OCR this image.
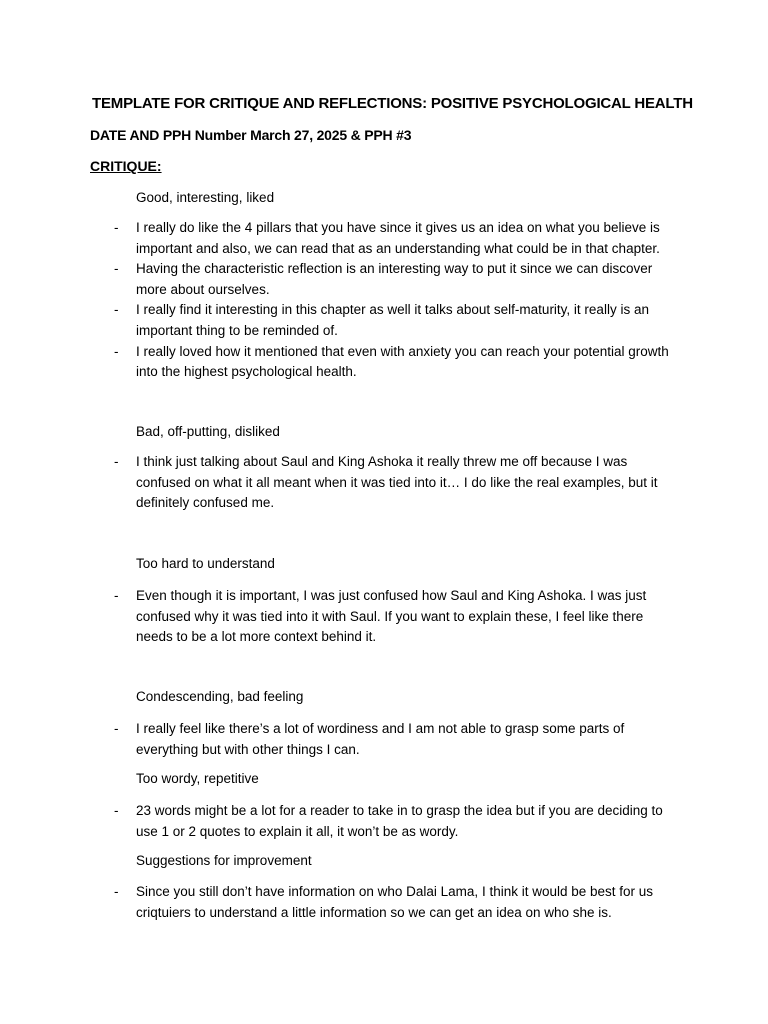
TEMPLATE FOR CRITIQUE AND REFLECTIONS: POSITIVE PSYCHOLOGICAL HEALTH
DATE AND PPH Number March 27, 2025 & PPH #3
CRITIQUE:
Good, interesting, liked
- I really do like the 4 pillars that you have since it gives us an idea on what you believe is important and also, we can read that as an understanding what could be in that chapter.
- Having the characteristic reflection is an interesting way to put it since we can discover more about ourselves.
- I really find it interesting in this chapter as well it talks about self-maturity, it really is an important thing to be reminded of.
- I really loved how it mentioned that even with anxiety you can reach your potential growth into the highest psychological health.
Bad, off-putting, disliked
- I think just talking about Saul and King Ashoka it really threw me off because I was confused on what it all meant when it was tied into it… I do like the real examples, but it definitely confused me.
Too hard to understand
- Even though it is important, I was just confused how Saul and King Ashoka. I was just confused why it was tied into it with Saul. If you want to explain these, I feel like there needs to be a lot more context behind it.
Condescending, bad feeling
- I really feel like there’s a lot of wordiness and I am not able to grasp some parts of everything but with other things I can.
Too wordy, repetitive
- 23 words might be a lot for a reader to take in to grasp the idea but if you are deciding to use 1 or 2 quotes to explain it all, it won’t be as wordy.
Suggestions for improvement
- Since you still don’t have information on who Dalai Lama, I think it would be best for us criqtuiers to understand a little information so we can get an idea on who she is.
